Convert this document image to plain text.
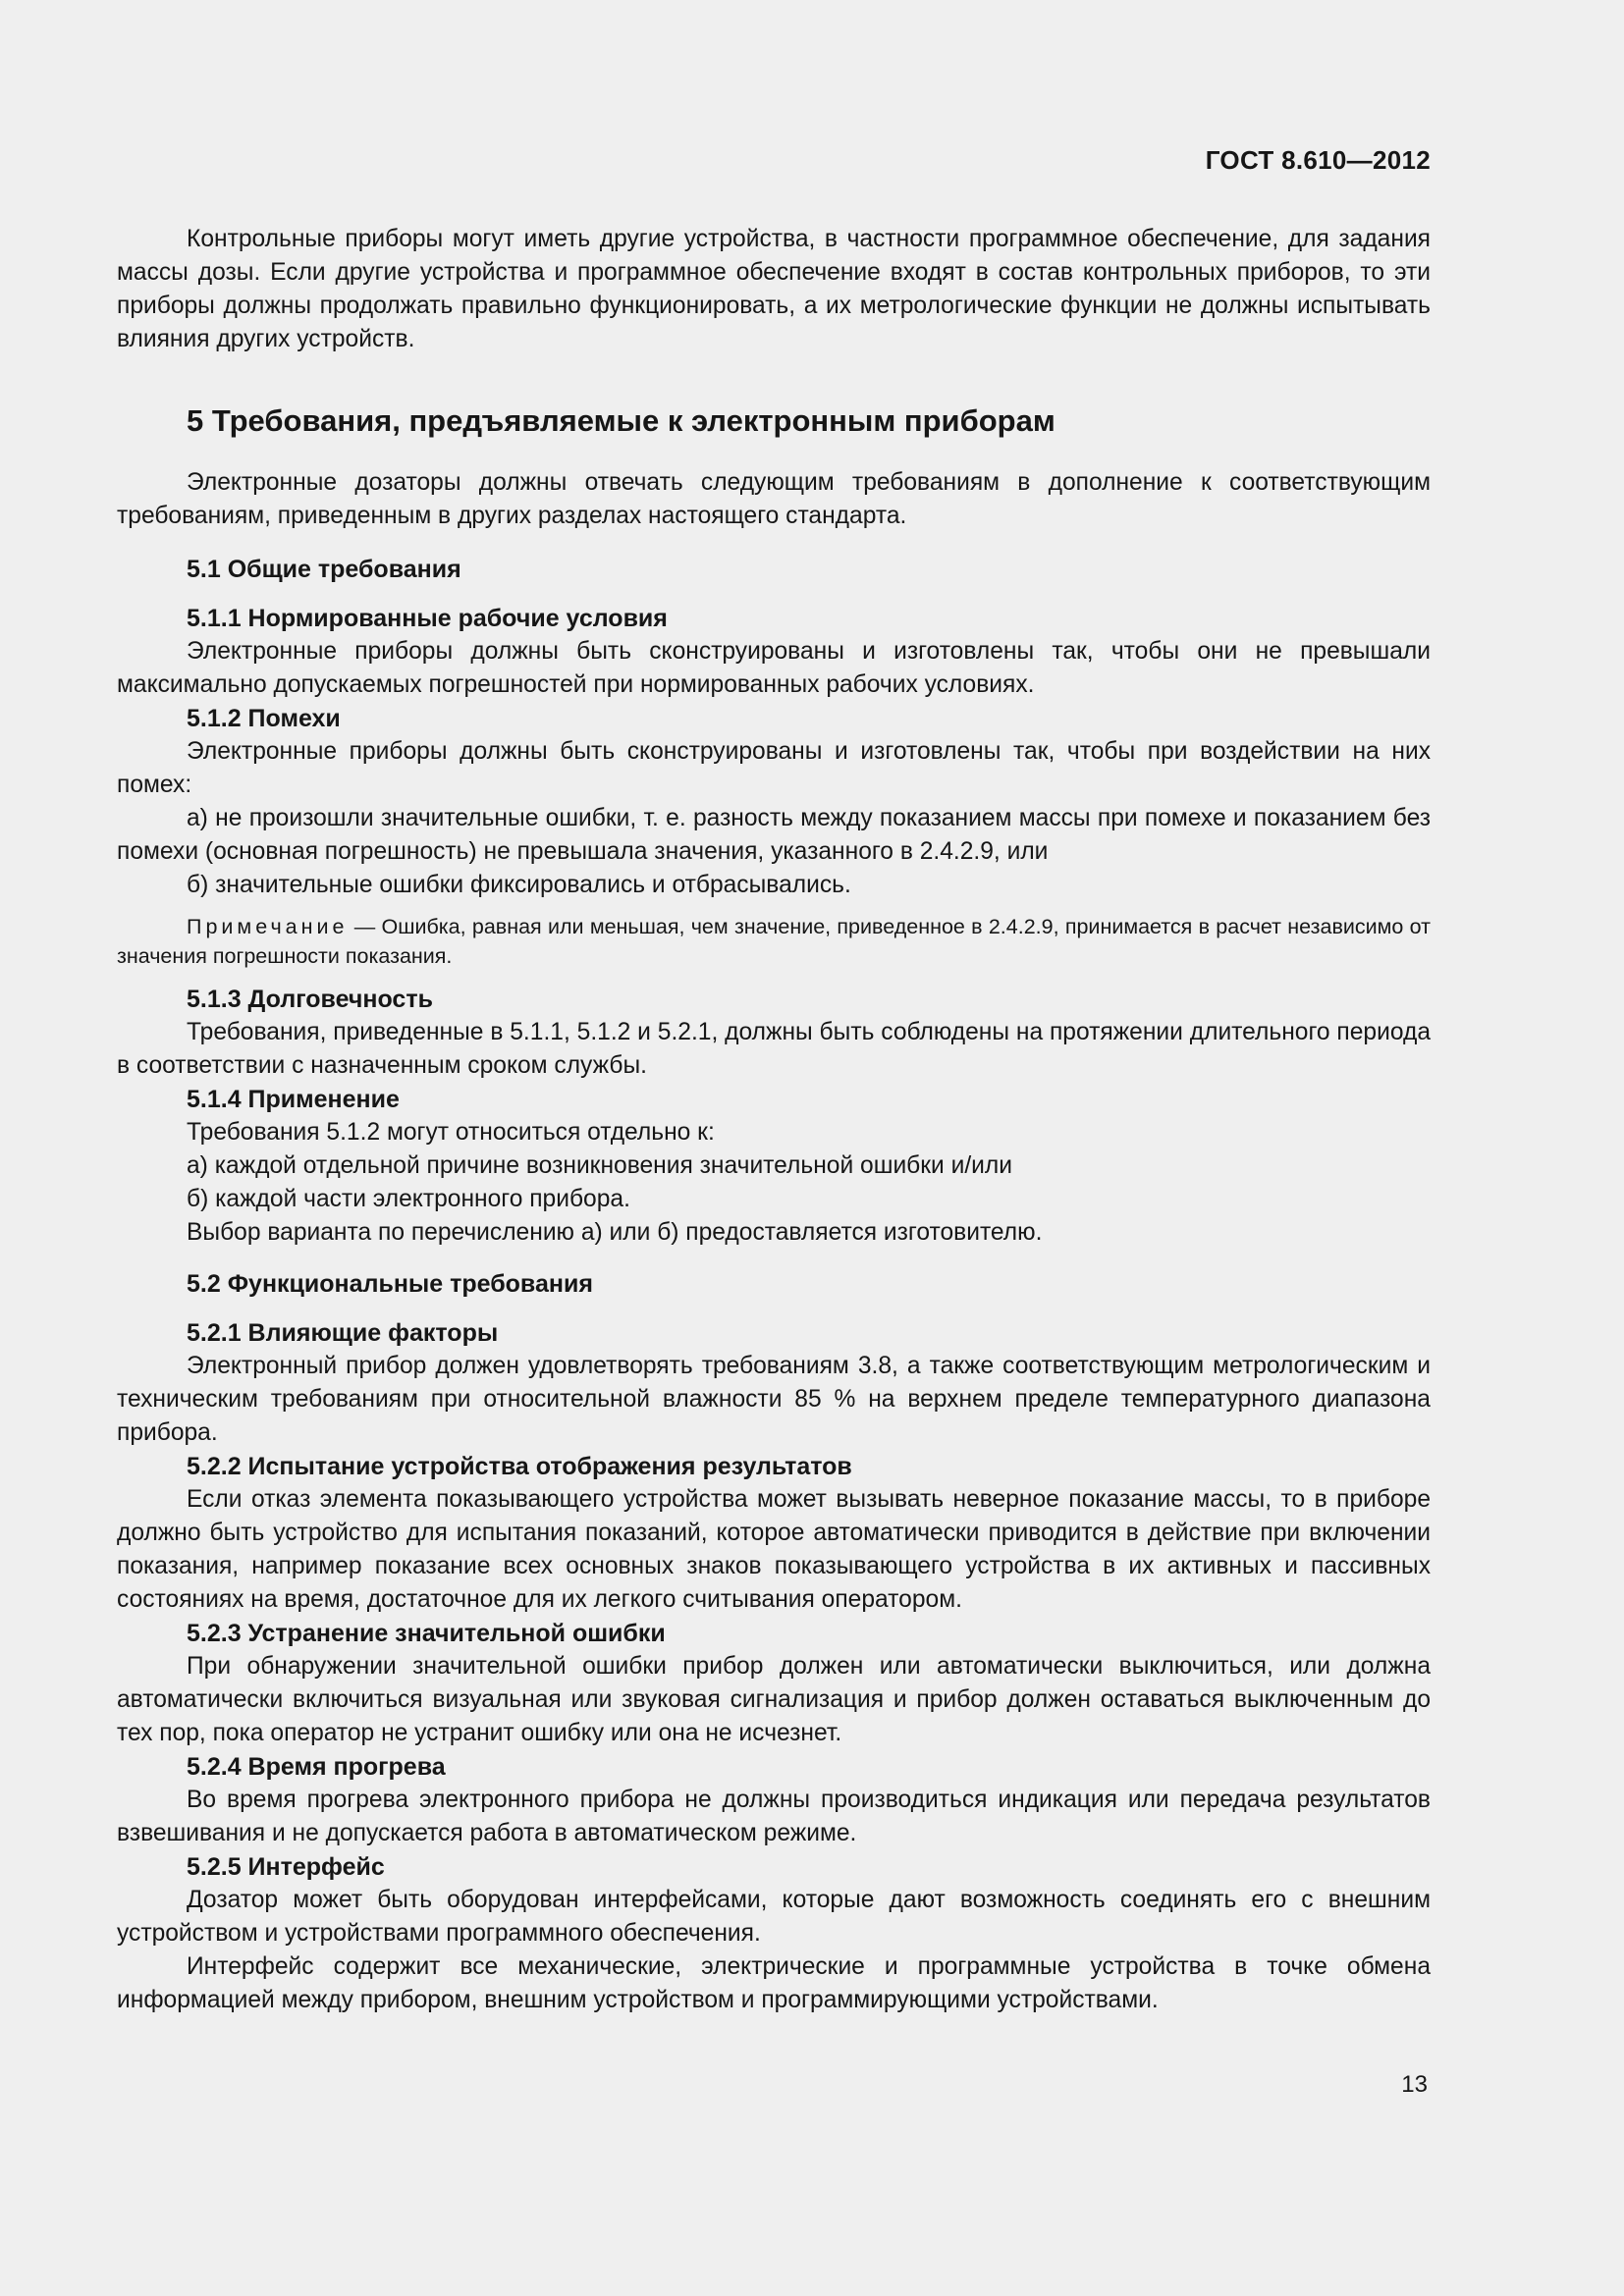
ГОСТ 8.610—2012

Контрольные приборы могут иметь другие устройства, в частности программное обеспечение, для задания массы дозы. Если другие устройства и программное обеспечение входят в состав контрольных приборов, то эти приборы должны продолжать правильно функционировать, а их метрологические функции не должны испытывать влияния других устройств.

5 Требования, предъявляемые к электронным приборам

Электронные дозаторы должны отвечать следующим требованиям в дополнение к соответствующим требованиям, приведенным в других разделах настоящего стандарта.

5.1 Общие требования
5.1.1 Нормированные рабочие условия

Электронные приборы должны быть сконструированы и изготовлены так, чтобы они не превышали максимально допускаемых погрешностей при нормированных рабочих условиях.

5.1.2 Помехи

Электронные приборы должны быть сконструированы и изготовлены так, чтобы при воздействии на них помех:

а) не произошли значительные ошибки, т. е. разность между показанием массы при помехе и показанием без помехи (основная погрешность) не превышала значения, указанного в 2.4.2.9, или

б) значительные ошибки фиксировались и отбрасывались.

Примечание — Ошибка, равная или меньшая, чем значение, приведенное в 2.4.2.9, принимается в расчет независимо от значения погрешности показания.

5.1.3 Долговечность

Требования, приведенные в 5.1.1, 5.1.2 и 5.2.1, должны быть соблюдены на протяжении длительного периода в соответствии с назначенным сроком службы.

5.1.4 Применение

Требования 5.1.2 могут относиться отдельно к:

а) каждой отдельной причине возникновения значительной ошибки и/или

б) каждой части электронного прибора.

Выбор варианта по перечислению а) или б) предоставляется изготовителю.

5.2 Функциональные требования
5.2.1 Влияющие факторы

Электронный прибор должен удовлетворять требованиям 3.8, а также соответствующим метрологическим и техническим требованиям при относительной влажности 85 % на верхнем пределе температурного диапазона прибора.

5.2.2 Испытание устройства отображения результатов

Если отказ элемента показывающего устройства может вызывать неверное показание массы, то в приборе должно быть устройство для испытания показаний, которое автоматически приводится в действие при включении показания, например показание всех основных знаков показывающего устройства в их активных и пассивных состояниях на время, достаточное для их легкого считывания оператором.

5.2.3 Устранение значительной ошибки

При обнаружении значительной ошибки прибор должен или автоматически выключиться, или должна автоматически включиться визуальная или звуковая сигнализация и прибор должен оставаться выключенным до тех пор, пока оператор не устранит ошибку или она не исчезнет.

5.2.4 Время прогрева

Во время прогрева электронного прибора не должны производиться индикация или передача результатов взвешивания и не допускается работа в автоматическом режиме.

5.2.5 Интерфейс

Дозатор может быть оборудован интерфейсами, которые дают возможность соединять его с внешним устройством и устройствами программного обеспечения.

Интерфейс содержит все механические, электрические и программные устройства в точке обмена информацией между прибором, внешним устройством и программирующими устройствами.

13
